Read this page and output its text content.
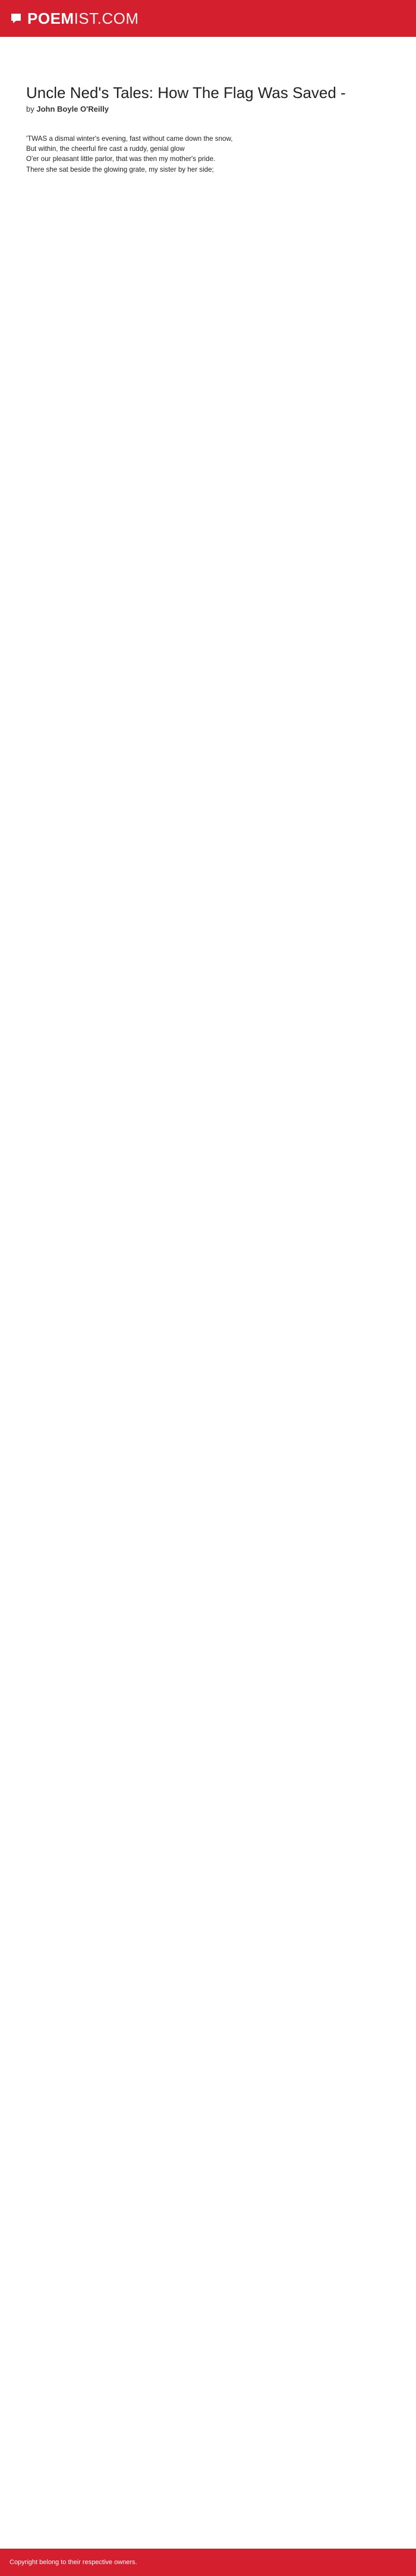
POEM IST.COM
Uncle Ned's Tales: How The Flag Was Saved -
by John Boyle O'Reilly
'TWAS a dismal winter's evening, fast without came down the snow,
But within, the cheerful fire cast a ruddy, genial glow
O'er our pleasant little parlor, that was then my mother's pride.
There she sat beside the glowing grate, my sister by her side;
Copyright belong to their respective owners.
